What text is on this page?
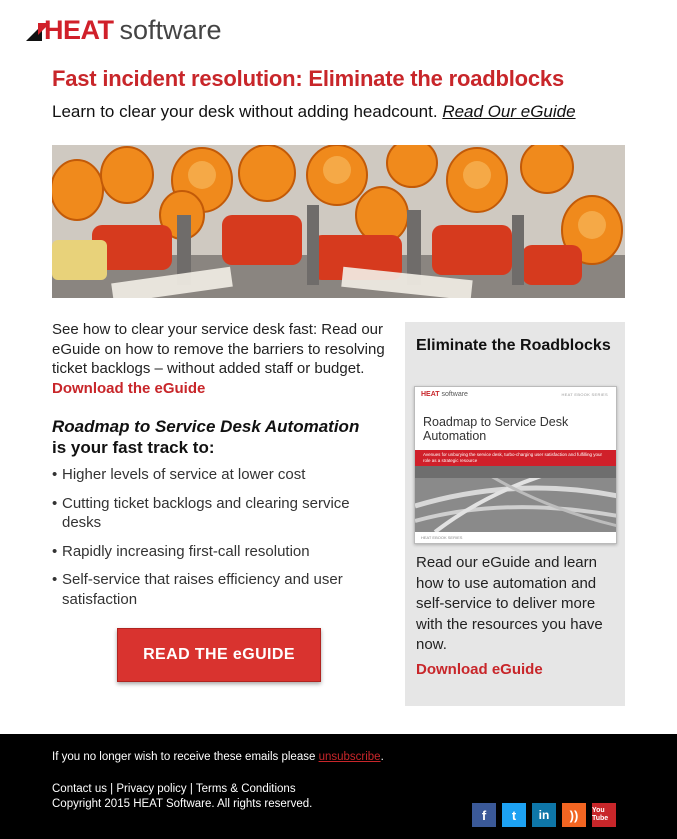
HEAT software
Fast incident resolution: Eliminate the roadblocks
Learn to clear your desk without adding headcount. Read Our eGuide
See how to clear your service desk fast: Read our eGuide on how to remove the barriers to resolving ticket backlogs – without added staff or budget. Download the eGuide
Roadmap to Service Desk Automation
is your fast track to:
• Higher levels of service at lower cost
• Cutting ticket backlogs and clearing service desks
• Rapidly increasing first-call resolution
• Self-service that raises efficiency and user satisfaction
READ THE eGUIDE
Eliminate the Roadblocks
HEAT software	HEAT EBOOK SERIES
Roadmap to Service Desk Automation
Avenues for unburying the service desk, turbo-charging user satisfaction and fulfilling your role as a strategic resource
HEAT EBOOK SERIES
Read our eGuide and learn how to use automation and self-service to deliver more with the resources you have now.
Download eGuide
If you no longer wish to receive these emails please unsubscribe.
Contact us | Privacy policy | Terms & Conditions
Copyright 2015 HEAT Software. All rights reserved.
f	t	in	))	You Tube
